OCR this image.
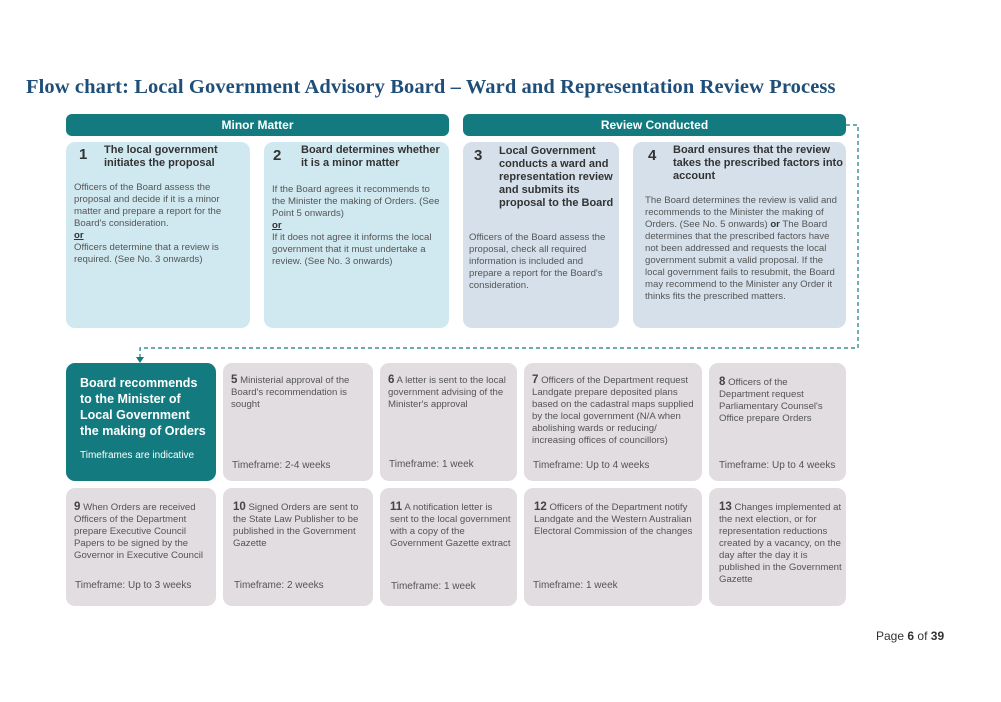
Flow chart: Local Government Advisory Board – Ward and Representation Review Process
Minor Matter	Review Conducted
1 The local government initiates the proposal
Officers of the Board assess the proposal and decide if it is a minor matter and prepare a report for the Board's consideration.
or
Officers determine that a review is required. (See No. 3 onwards)
2 Board determines whether it is a minor matter
If the Board agrees it recommends to the Minister the making of Orders. (See Point 5 onwards)
or
If it does not agree it informs the local government that it must undertake a review. (See No. 3 onwards)
3 Local Government conducts a ward and representation review and submits its proposal to the Board
Officers of the Board assess the proposal, check all required information is included and prepare a report for the Board's consideration.
4 Board ensures that the review takes the prescribed factors into account
The Board determines the review is valid and recommends to the Minister the making of Orders. (See No. 5 onwards) or The Board determines that the prescribed factors have not been addressed and requests the local government submit a valid proposal. If the local government fails to resubmit, the Board may recommend to the Minister any Order it thinks fits the prescribed matters.
Board recommends to the Minister of Local Government the making of Orders
Timeframes are indicative
5 Ministerial approval of the Board's recommendation is sought
Timeframe: 2-4 weeks
6 A letter is sent to the local government advising of the Minister's approval
Timeframe: 1 week
7 Officers of the Department request Landgate prepare deposited plans based on the cadastral maps supplied by the local government (N/A when abolishing wards or reducing/ increasing offices of councillors)
Timeframe: Up to 4 weeks
8 Officers of the Department request Parliamentary Counsel's Office prepare Orders
Timeframe: Up to 4 weeks
9 When Orders are received Officers of the Department prepare Executive Council Papers to be signed by the Governor in Executive Council
Timeframe: Up to 3 weeks
10 Signed Orders are sent to the State Law Publisher to be published in the Government Gazette
Timeframe: 2 weeks
11 A notification letter is sent to the local government with a copy of the Government Gazette extract
Timeframe: 1 week
12 Officers of the Department notify Landgate and the Western Australian Electoral Commission of the changes
Timeframe: 1 week
13 Changes implemented at the next election, or for representation reductions created by a vacancy, on the day after the day it is published in the Government Gazette
Page 6 of 39
